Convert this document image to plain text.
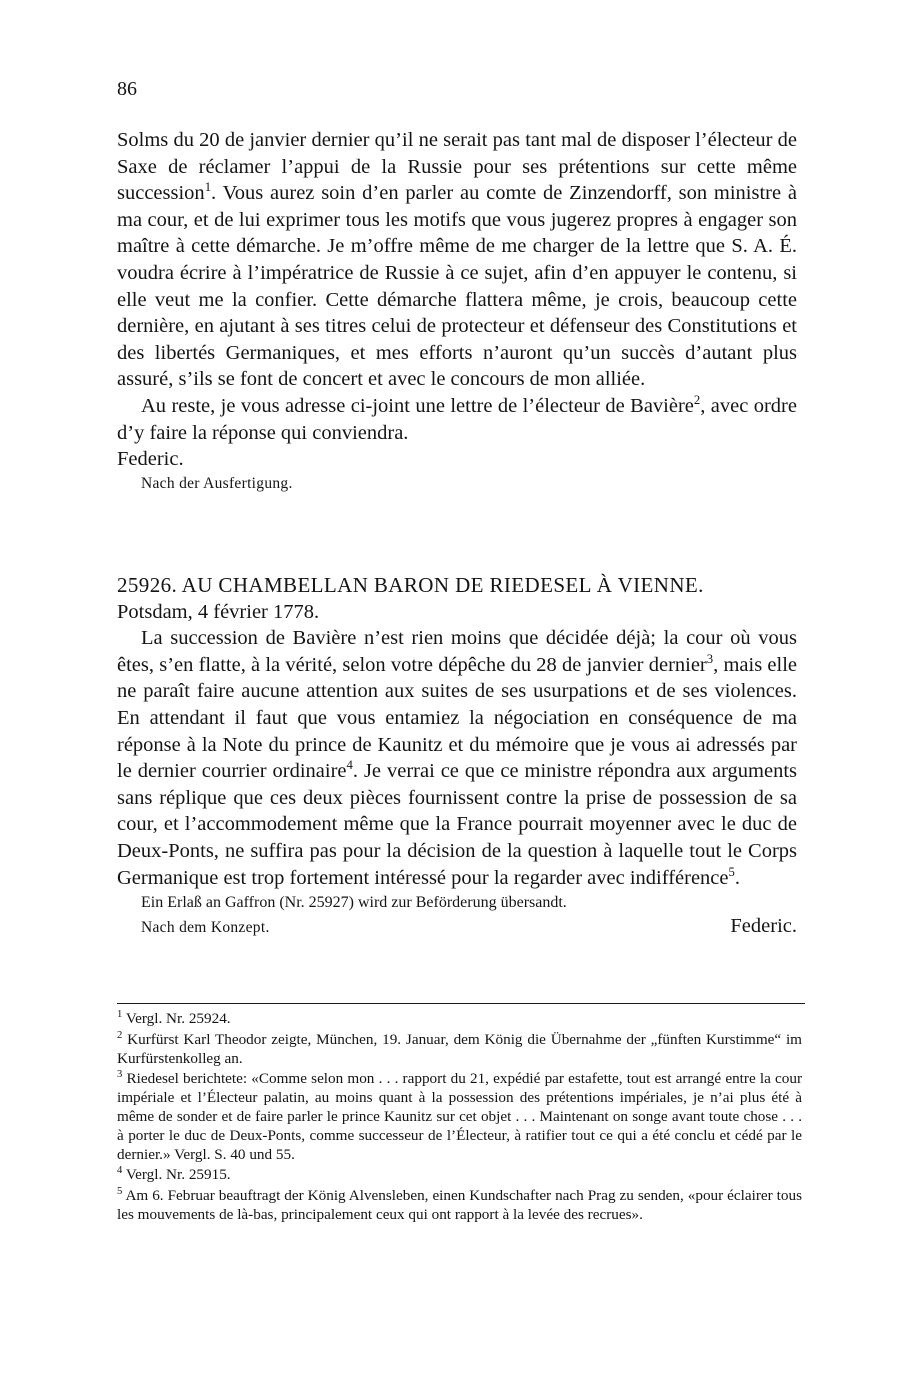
86

Solms du 20 de janvier dernier qu’il ne serait pas tant mal de disposer l’électeur de Saxe de réclamer l’appui de la Russie pour ses prétentions sur cette même succession$^1$. Vous aurez soin d’en parler au comte de Zinzendorff, son ministre à ma cour, et de lui exprimer tous les motifs que vous jugerez propres à engager son maître à cette démarche. Je m’offre même de me charger de la lettre que S. A. É. voudra écrire à l’impératrice de Russie à ce sujet, afin d’en appuyer le contenu, si elle veut me la confier. Cette démarche flattera même, je crois, beaucoup cette dernière, en ajutant à ses titres celui de protecteur et défenseur des Constitutions et des libertés Germaniques, et mes efforts n’auront qu’un succès d’autant plus assuré, s’ils se font de concert et avec le concours de mon alliée.

Au reste, je vous adresse ci-joint une lettre de l’électeur de Bavière$^2$, avec ordre d’y faire la réponse qui conviendra.

Federic.

Nach der Ausfertigung.

25926. AU CHAMBELLAN BARON DE RIEDESEL À VIENNE.

Potsdam, 4 février 1778.

La succession de Bavière n’est rien moins que décidée déjà; la cour où vous êtes, s’en flatte, à la vérité, selon votre dépêche du 28 de janvier dernier$^3$, mais elle ne paraît faire aucune attention aux suites de ses usurpations et de ses violences. En attendant il faut que vous entamiez la négociation en conséquence de ma réponse à la Note du prince de Kaunitz et du mémoire que je vous ai adressés par le dernier courrier ordinaire$^4$. Je verrai ce que ce ministre répondra aux arguments sans réplique que ces deux pièces fournissent contre la prise de possession de sa cour, et l’accommodement même que la France pourrait moyenner avec le duc de Deux-Ponts, ne suffira pas pour la décision de la question à laquelle tout le Corps Germanique est trop fortement intéressé pour la regarder avec indifférence$^5$.

Ein Erlaß an Gaffron (Nr. 25927) wird zur Beförderung übersandt.

Nach dem Konzept.	Federic.

$^1$ Vergl. Nr. 25924.

$^2$ Kurfürst Karl Theodor zeigte, München, 19. Januar, dem König die Übernahme der „fünften Kurstimme“ im Kurfürstenkolleg an.

$^3$ Riedesel berichtete: «Comme selon mon . . . rapport du 21, expédié par estafette, tout est arrangé entre la cour impériale et l’Électeur palatin, au moins quant à la possession des prétentions impériales, je n’ai plus été à même de sonder et de faire parler le prince Kaunitz sur cet objet . . . Maintenant on songe avant toute chose . . . à porter le duc de Deux-Ponts, comme successeur de l’Électeur, à ratifier tout ce qui a été conclu et cédé par le dernier.» Vergl. S. 40 und 55.

$^4$ Vergl. Nr. 25915.

$^5$ Am 6. Februar beauftragt der König Alvensleben, einen Kundschafter nach Prag zu senden, «pour éclairer tous les mouvements de là-bas, principalement ceux qui ont rapport à la levée des recrues».
